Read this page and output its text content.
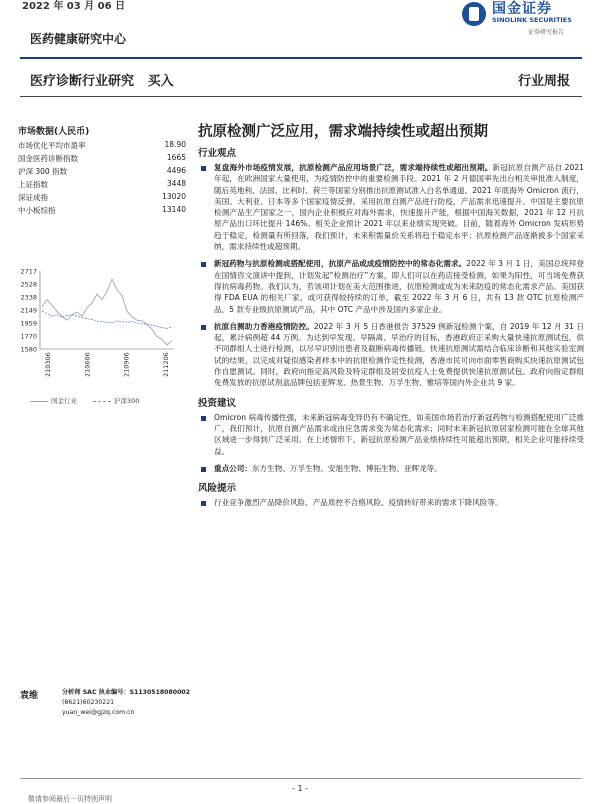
2022 年 03 月 06 日	国金证券
SINOLINK SECURITIES
证券研究报告
医药健康研究中心
医疗诊断行业研究 买入	行业周报
市场数据(人民币)
市场优化平均市盈率	18.90
国金医药诊断指数	1665
沪深 300 指数	4496
上证指数	3448
深证成指	13020
中小板综指	13140
2717
2528
2338
2149
1959
1770
1580
210306	210606	210906	211206
国金行业	沪深300
抗原检测广泛应用，需求端持续性或超出预期
行业观点
复盘海外市场疫情发展，抗原检测产品应用场景广泛，需求端持续性或超出预期。新冠抗原自测产品自 2021 年起，在欧洲国家大量使用，为疫情防控中的重要检测手段。2021 年 2 月德国率先出台相关审批准入制度，随后英地利、法国、比利时、荷兰等国家分别推出抗原测试准入白名单通道。2021 年底海外 Omicron 流行，美国、大利亚、日本等多个国家疫情反弹，采用抗原自测产品进行防疫，产品需求迅速提升。中国是主要抗原检测产品生产国家之一，国内企业积极应对海外需求，快速提升产能，根据中国海关数据，2021 年 12 月抗原产品出口环比提升 146%。相关企业预计 2021 年以来业绩实现突破。目前，随着海外 Omicron 发病形势趋于稳定，检测量有所回落，我们预计，未来积需量价关系将趋于稳定水平；抗原检测产品逐渐被多个国家采纳，需求持续性或超预期。
新冠药物与抗原检测或搭配使用，抗原产品或成疫情防控中的常态化需求。2022 年 3 月 1 日，美国总统拜登在国情咨文演讲中提到，计划发起“检测治疗”方案，即人们可以在药店接受检测，如果为阳性，可当场免费获得抗病毒药物。我们认为，若该项计划在美大范围推进，抗原检测或成为未来防疫的常态化需求产品。美国获得 FDA EUA 的相关厂家，或可获得较持续的订单，截至 2022 年 3 月 6 日，共有 13 款 OTC 抗原检测产品，5 款专业级抗原测试产品，其中 OTC 产品中涉及国内多家企业。
抗原自测助力香港疫情防控。2022 年 3 月 5 日香港报告 37529 例新冠检测个案，自 2019 年 12 月 31 日起，累计病例超 44 万例。为达到早发现、早隔离、早治疗的目标，香港政府正采购大量快速抗原测试包，供不同群组人士进行检测，以尽早识别出患者及截断病毒传播链。快速抗原测试需结合临床诊断和其他实验室测试的结果，以完成对疑似感染者样本中的抗原检测作定性检测，香港市民可向市面零售商购买快速抗原测试包作自愿测试。同时，政府向指定高风险及特定群组及居安抗疫人士免费提供快速抗原测试包。政府向指定群组免费发放的抗原试剂盒品牌包括亚辉龙、热景生物、万孚生物、雅培等国内外企业共 9 家。
投资建议
Omicron 病毒传播性强，未来新冠病毒变异仍有不确定性，如美国市场若治疗新冠药物与检测搭配使用广泛推广，我们预计，抗原自测产品需求或由应急需求变为常态化需求；同时未来新冠抗原居家检测可能在全球其他区域进一步得到广泛采用。在上述情形下，新冠抗原检测产品业绩持续性可能超出预期，相关企业可能持续受益。
重点公司：东方生物、万孚生物、安旭生物、博拓生物、亚辉龙等。
风险提示
行业竞争激烈产品降价风险、产品质控不合格风险、疫情转好带来的需求下降风险等。
袁维	分析师 SAC 执业编号：S1130518080002
(8621)60230221
yuan_wei@gjzq.com.cn
- 1 -
敬请参阅最后一页特别声明
